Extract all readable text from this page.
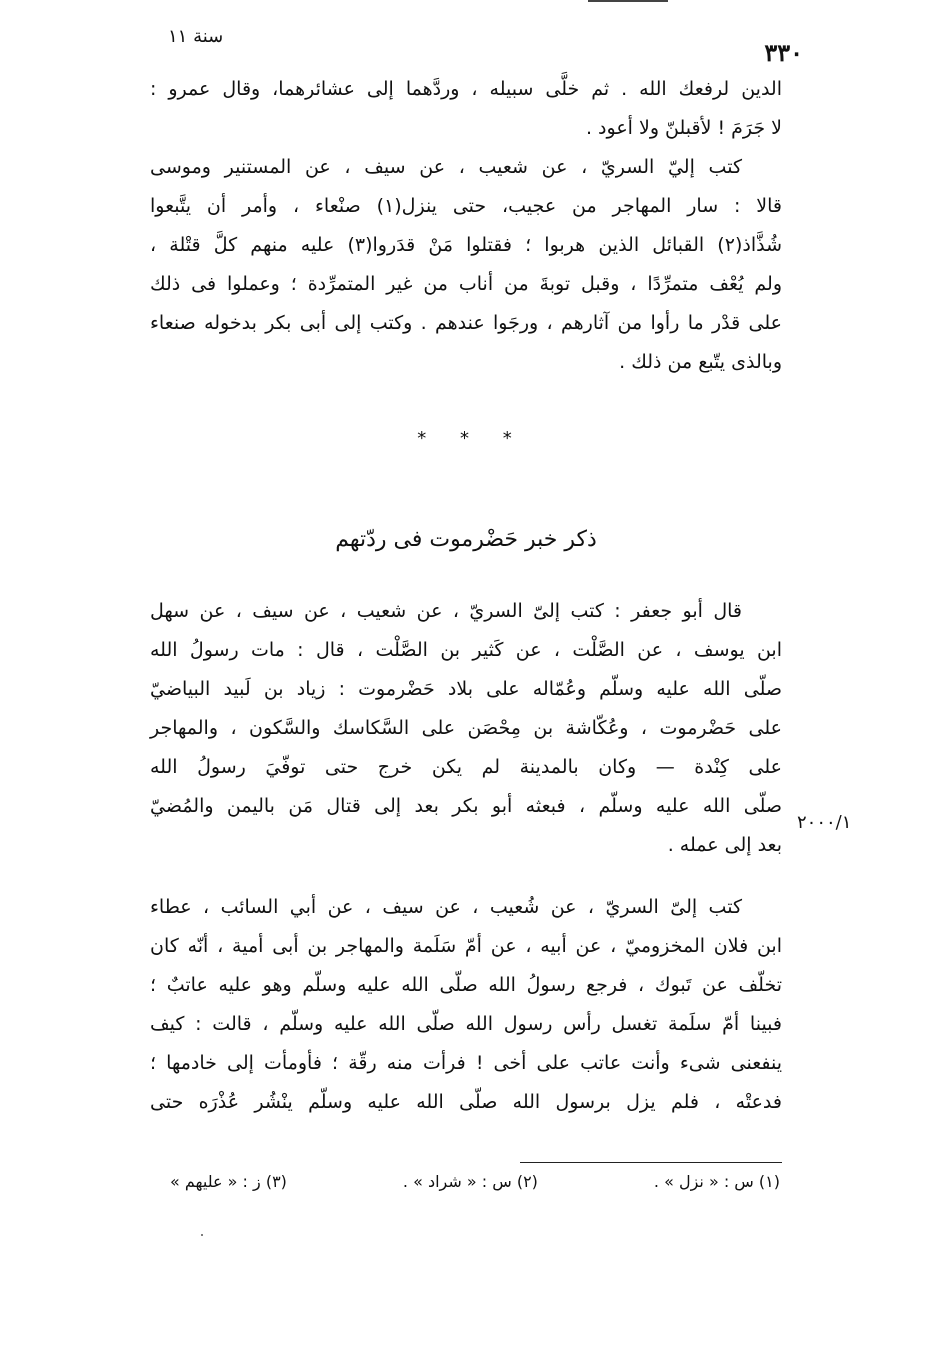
سنة ١١
٣٣٠
الدين لرفعك الله . ثم خلَّى سبيله ، وردَّهما إلى عشائرهما، وقال عمرو :
لا جَرَمَ ! لأقبلنّ ولا أعود .
كتب إليّ السريّ ، عن شعيب ، عن سيف ، عن المستنير وموسى
قالا : سار المهاجر من عجيب، حتى ينزل(١) صنْعاء ، وأمر أن يتَّبعوا
شُذَّاذ(٢) القبائل الذين هربوا ؛ فقتلوا مَنْ قدَروا(٣) عليه منهم كلَّ قتْلة ،
ولم يُعْف متمرِّدًا ، وقبل توبةَ من أناب من غير المتمرِّدة ؛ وعملوا فى ذلك
على قدْر ما رأوا من آثارهم ، ورجَوا عندهم . وكتب إلى أبى بكر بدخوله صنعاء
وبالذى يتّبع من ذلك .
* * *
ذكر خبر حَضْرموت فى ردّتهم
قال أبو جعفر : كتب إلىّ السريّ ، عن شعيب ، عن سيف ، عن سهل
ابن يوسف ، عن الصَّلْت ، عن كَثير بن الصَّلْت ، قال : مات رسولُ الله
صلّى الله عليه وسلّم وعُمّاله على بلاد حَضْرموت : زياد بن لَبيد البياضيّ
على حَضْرموت ، وعُكّاشة بن مِحْصَن على السَّكاسك والسَّكون ، والمهاجر
على كِنْدة — وكان بالمدينة لم يكن خرج حتى توفّيَ رسولُ الله
صلّى الله عليه وسلّم ، فبعثه أبو بكر بعد إلى قتال مَن باليمن والمُضيّ
بعد إلى عمله .
٢٠٠٠/١
كتب إلىّ السريّ ، عن شُعيب ، عن سيف ، عن أبي السائب ، عطاء
ابن فلان المخزوميّ ، عن أبيه ، عن أمّ سَلَمة والمهاجر بن أبى أمية ، أنّه كان
تخلّف عن تَبوك ، فرجع رسولُ الله صلّى الله عليه وسلّم وهو عليه عاتبٌ ؛
فبينا أمّ سلَمة تغسل رأس رسول الله صلّى الله عليه وسلّم ، قالت : كيف
ينفعنى شىء وأنت عاتب على أخى ! فرأت منه رقّة ؛ فأومأت إلى خادمها ؛
فدعتْه ، فلم يزل برسول الله صلّى الله عليه وسلّم ينْشُر عُذْرَه حتى
(١) س : « نزل » .
(٢) س : « شراد » .
(٣) ز : « عليهم »
